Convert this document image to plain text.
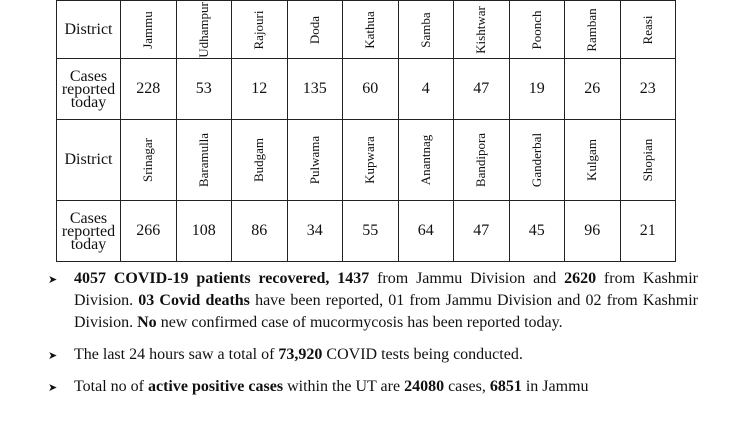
District	Jammu	Udhampur	Rajouri	Doda	Kathua	Samba	Kishtwar	Poonch	Ramban	Reasi

Cases reported today	228	53	12	135	60	4	47	19	26	23
District	Srinagar	Baramulla	Budgam	Pulwama	Kupwara	Anantnag	Bandipora	Ganderbal	Kulgam	Shopian

Cases reported today	266	108	86	34	55	64	47	45	96	21
➤ 4057 COVID-19 patients recovered, 1437 from Jammu Division and 2620 from Kashmir Division. 03 Covid deaths have been reported, 01 from Jammu Division and 02 from Kashmir Division. No new confirmed case of mucormycosis has been reported today.
➤ The last 24 hours saw a total of 73,920 COVID tests being conducted.
➤ Total no of active positive cases within the UT are 24080 cases, 6851 in Jammu
